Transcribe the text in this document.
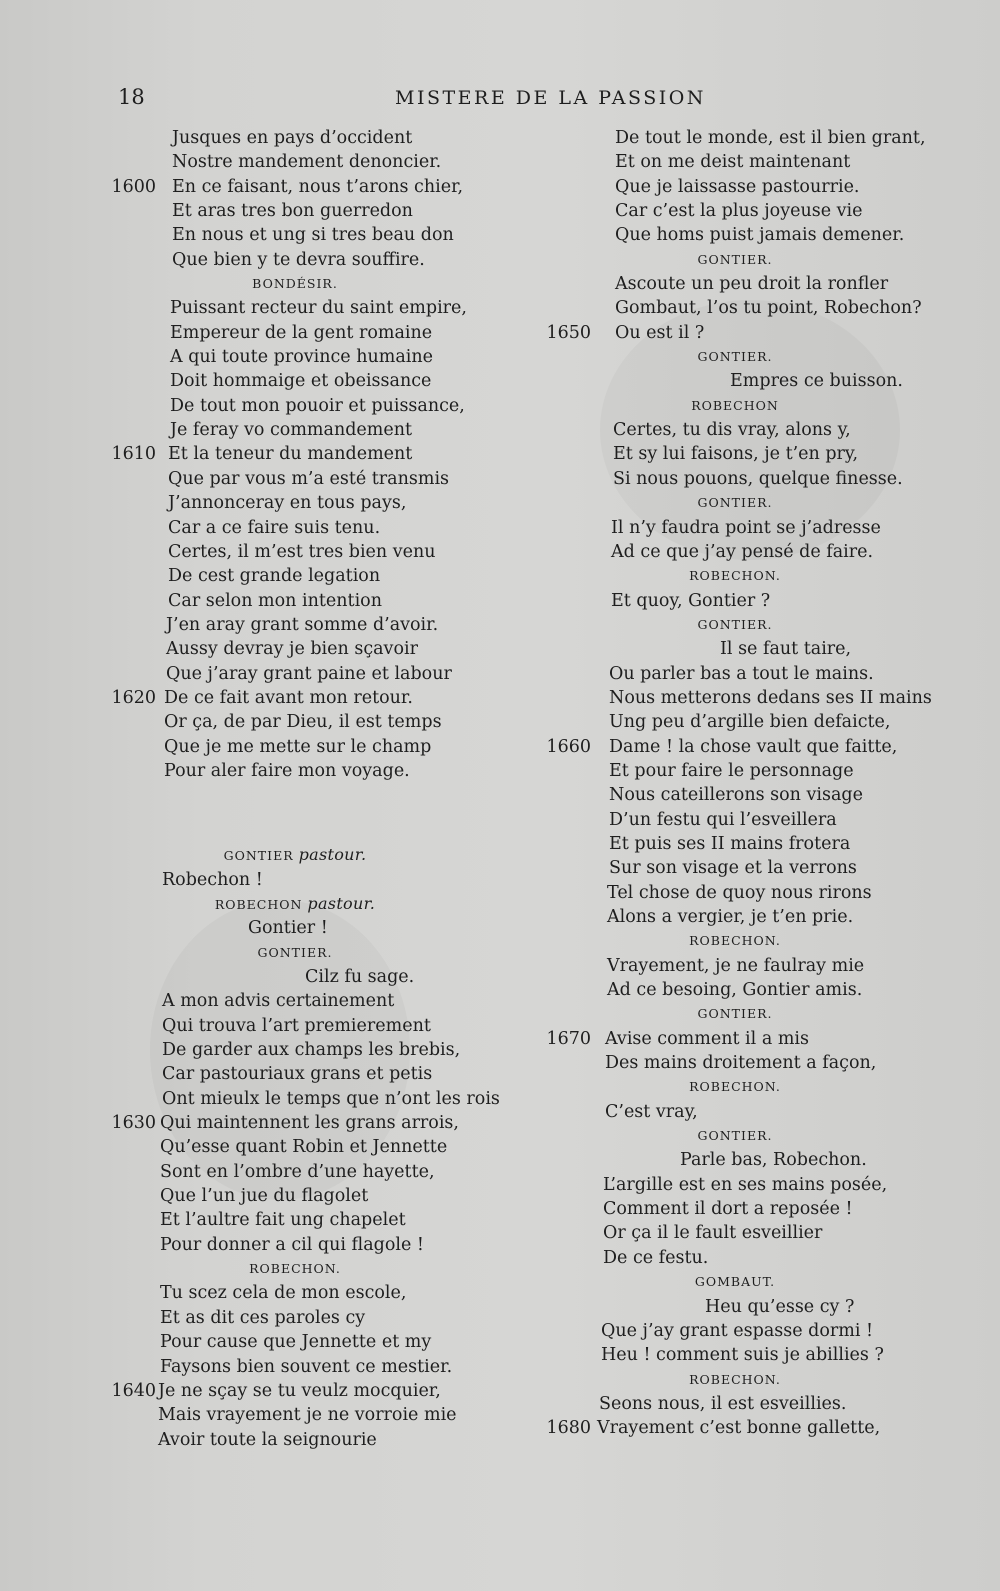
18	MISTERE DE LA PASSION
Jusques en pays d’occident
Nostre mandement denoncier.
1600 En ce faisant, nous t’arons chier,
Et aras tres bon guerredon
En nous et ung si tres beau don
Que bien y te devra souffire.
BONDÉSIR.
Puissant recteur du saint empire,
Empereur de la gent romaine
A qui toute province humaine
Doit hommaige et obeissance
De tout mon pouoir et puissance,
Je feray vo commandement
1610 Et la teneur du mandement
Que par vous m’a esté transmis
J’annonceray en tous pays,
Car a ce faire suis tenu.
Certes, il m’est tres bien venu
De cest grande legation
Car selon mon intention
J’en aray grant somme d’avoir.
Aussy devray je bien sçavoir
Que j’aray grant paine et labour
1620 De ce fait avant mon retour.
Or ça, de par Dieu, il est temps
Que je me mette sur le champ
Pour aler faire mon voyage.
GONTIER pastour.
Robechon !
ROBECHON pastour.
Gontier !
GONTIER.
Cilz fu sage.
A mon advis certainement
Qui trouva l’art premierement
De garder aux champs les brebis,
Car pastouriaux grans et petis
Ont mieulx le temps que n’ont les rois
1630 Qui maintennent les grans arrois,
Qu’esse quant Robin et Jennette
Sont en l’ombre d’une hayette,
Que l’un jue du flagolet
Et l’aultre fait ung chapelet
Pour donner a cil qui flagole !
ROBECHON.
Tu scez cela de mon escole,
Et as dit ces paroles cy
Pour cause que Jennette et my
Faysons bien souvent ce mestier.
1640 Je ne sçay se tu veulz mocquier,
Mais vrayement je ne vorroie mie
Avoir toute la seignourie
De tout le monde, est il bien grant,
Et on me deist maintenant
Que je laissasse pastourrie.
Car c’est la plus joyeuse vie
Que homs puist jamais demener.
GONTIER.
Ascoute un peu droit la ronfler
Gombaut, l’os tu point, Robechon?
1650 Ou est il ?
GONTIER.
Empres ce buisson.
ROBECHON
Certes, tu dis vray, alons y,
Et sy lui faisons, je t’en pry,
Si nous pouons, quelque finesse.
GONTIER.
Il n’y faudra point se j’adresse
Ad ce que j’ay pensé de faire.
ROBECHON.
Et quoy, Gontier ?
GONTIER.
Il se faut taire,
Ou parler bas a tout le mains.
Nous metterons dedans ses II mains
Ung peu d’argille bien defaicte,
1660 Dame ! la chose vault que faitte,
Et pour faire le personnage
Nous cateillerons son visage
D’un festu qui l’esveillera
Et puis ses II mains frotera
Sur son visage et la verrons
Tel chose de quoy nous rirons
Alons a vergier, je t’en prie.
ROBECHON.
Vrayement, je ne faulray mie
Ad ce besoing, Gontier amis.
GONTIER.
1670 Avise comment il a mis
Des mains droitement a façon,
ROBECHON.
C’est vray,
GONTIER.
Parle bas, Robechon.
L’argille est en ses mains posée,
Comment il dort a reposée !
Or ça il le fault esveillier
De ce festu.
GOMBAUT.
Heu qu’esse cy ?
Que j’ay grant espasse dormi !
Heu ! comment suis je abillies ?
ROBECHON.
Seons nous, il est esveillies.
1680 Vrayement c’est bonne gallette,
